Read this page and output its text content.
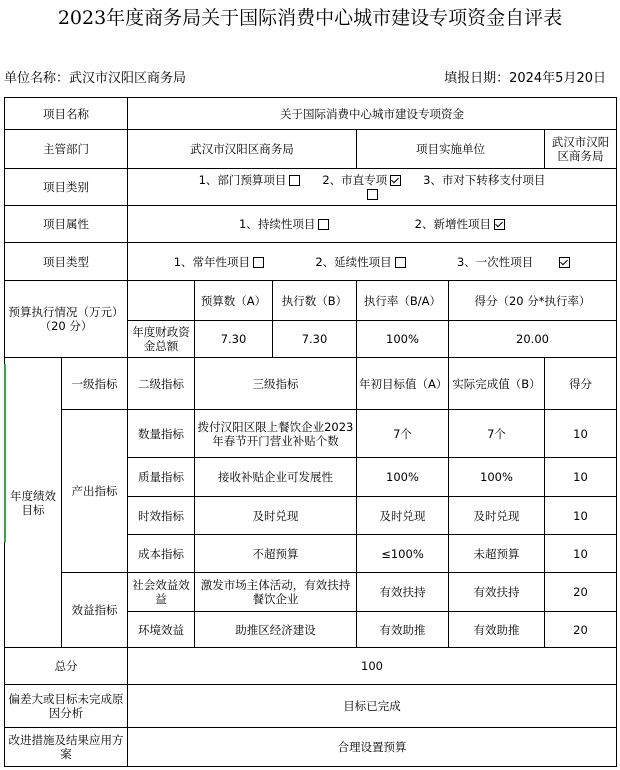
2023年度商务局关于国际消费中心城市建设专项资金自评表
单位名称：武汉市汉阳区商务局	填报日期：2024年5月20日
项目名称		关于国际消费中心城市建设专项资金					
主管部门		武汉市汉阳区商务局			项目实施单位		武汉市汉阳区商务局
项目类别		1、部门预算项目 2、市直专项 3、市对下转移支付项目					

项目属性		1、持续性项目 2、新增性项目					
项目类型		1、常年性项目 2、延续性项目 3、一次性项目					
预算执行情况（万元）（20 分）			预算数（A）	执行数（B）	执行率（B/A）	得分（20 分*执行率）	
		年度财政资金总额	7.30	7.30	100%	20.00	
年度绩效目标	一级指标	二级指标	三级指标		年初目标值（A）	实际完成值（B）	得分
	产出指标	数量指标	拨付汉阳区限上餐饮企业2023年春节开门营业补贴个数		7个	7个	10
		质量指标	接收补贴企业可发展性		100%	100%	10
		时效指标	及时兑现		及时兑现	及时兑现	10
		成本指标	不超预算		≤100%	未超预算	10
	效益指标	社会效益效益	激发市场主体活动，有效扶持餐饮企业		有效扶持	有效扶持	20
		环境效益	助推区经济建设		有效助推	有效助推	20
总分		100					
偏差大或目标未完成原因分析		目标已完成					
改进措施及结果应用方案		合理设置预算					
